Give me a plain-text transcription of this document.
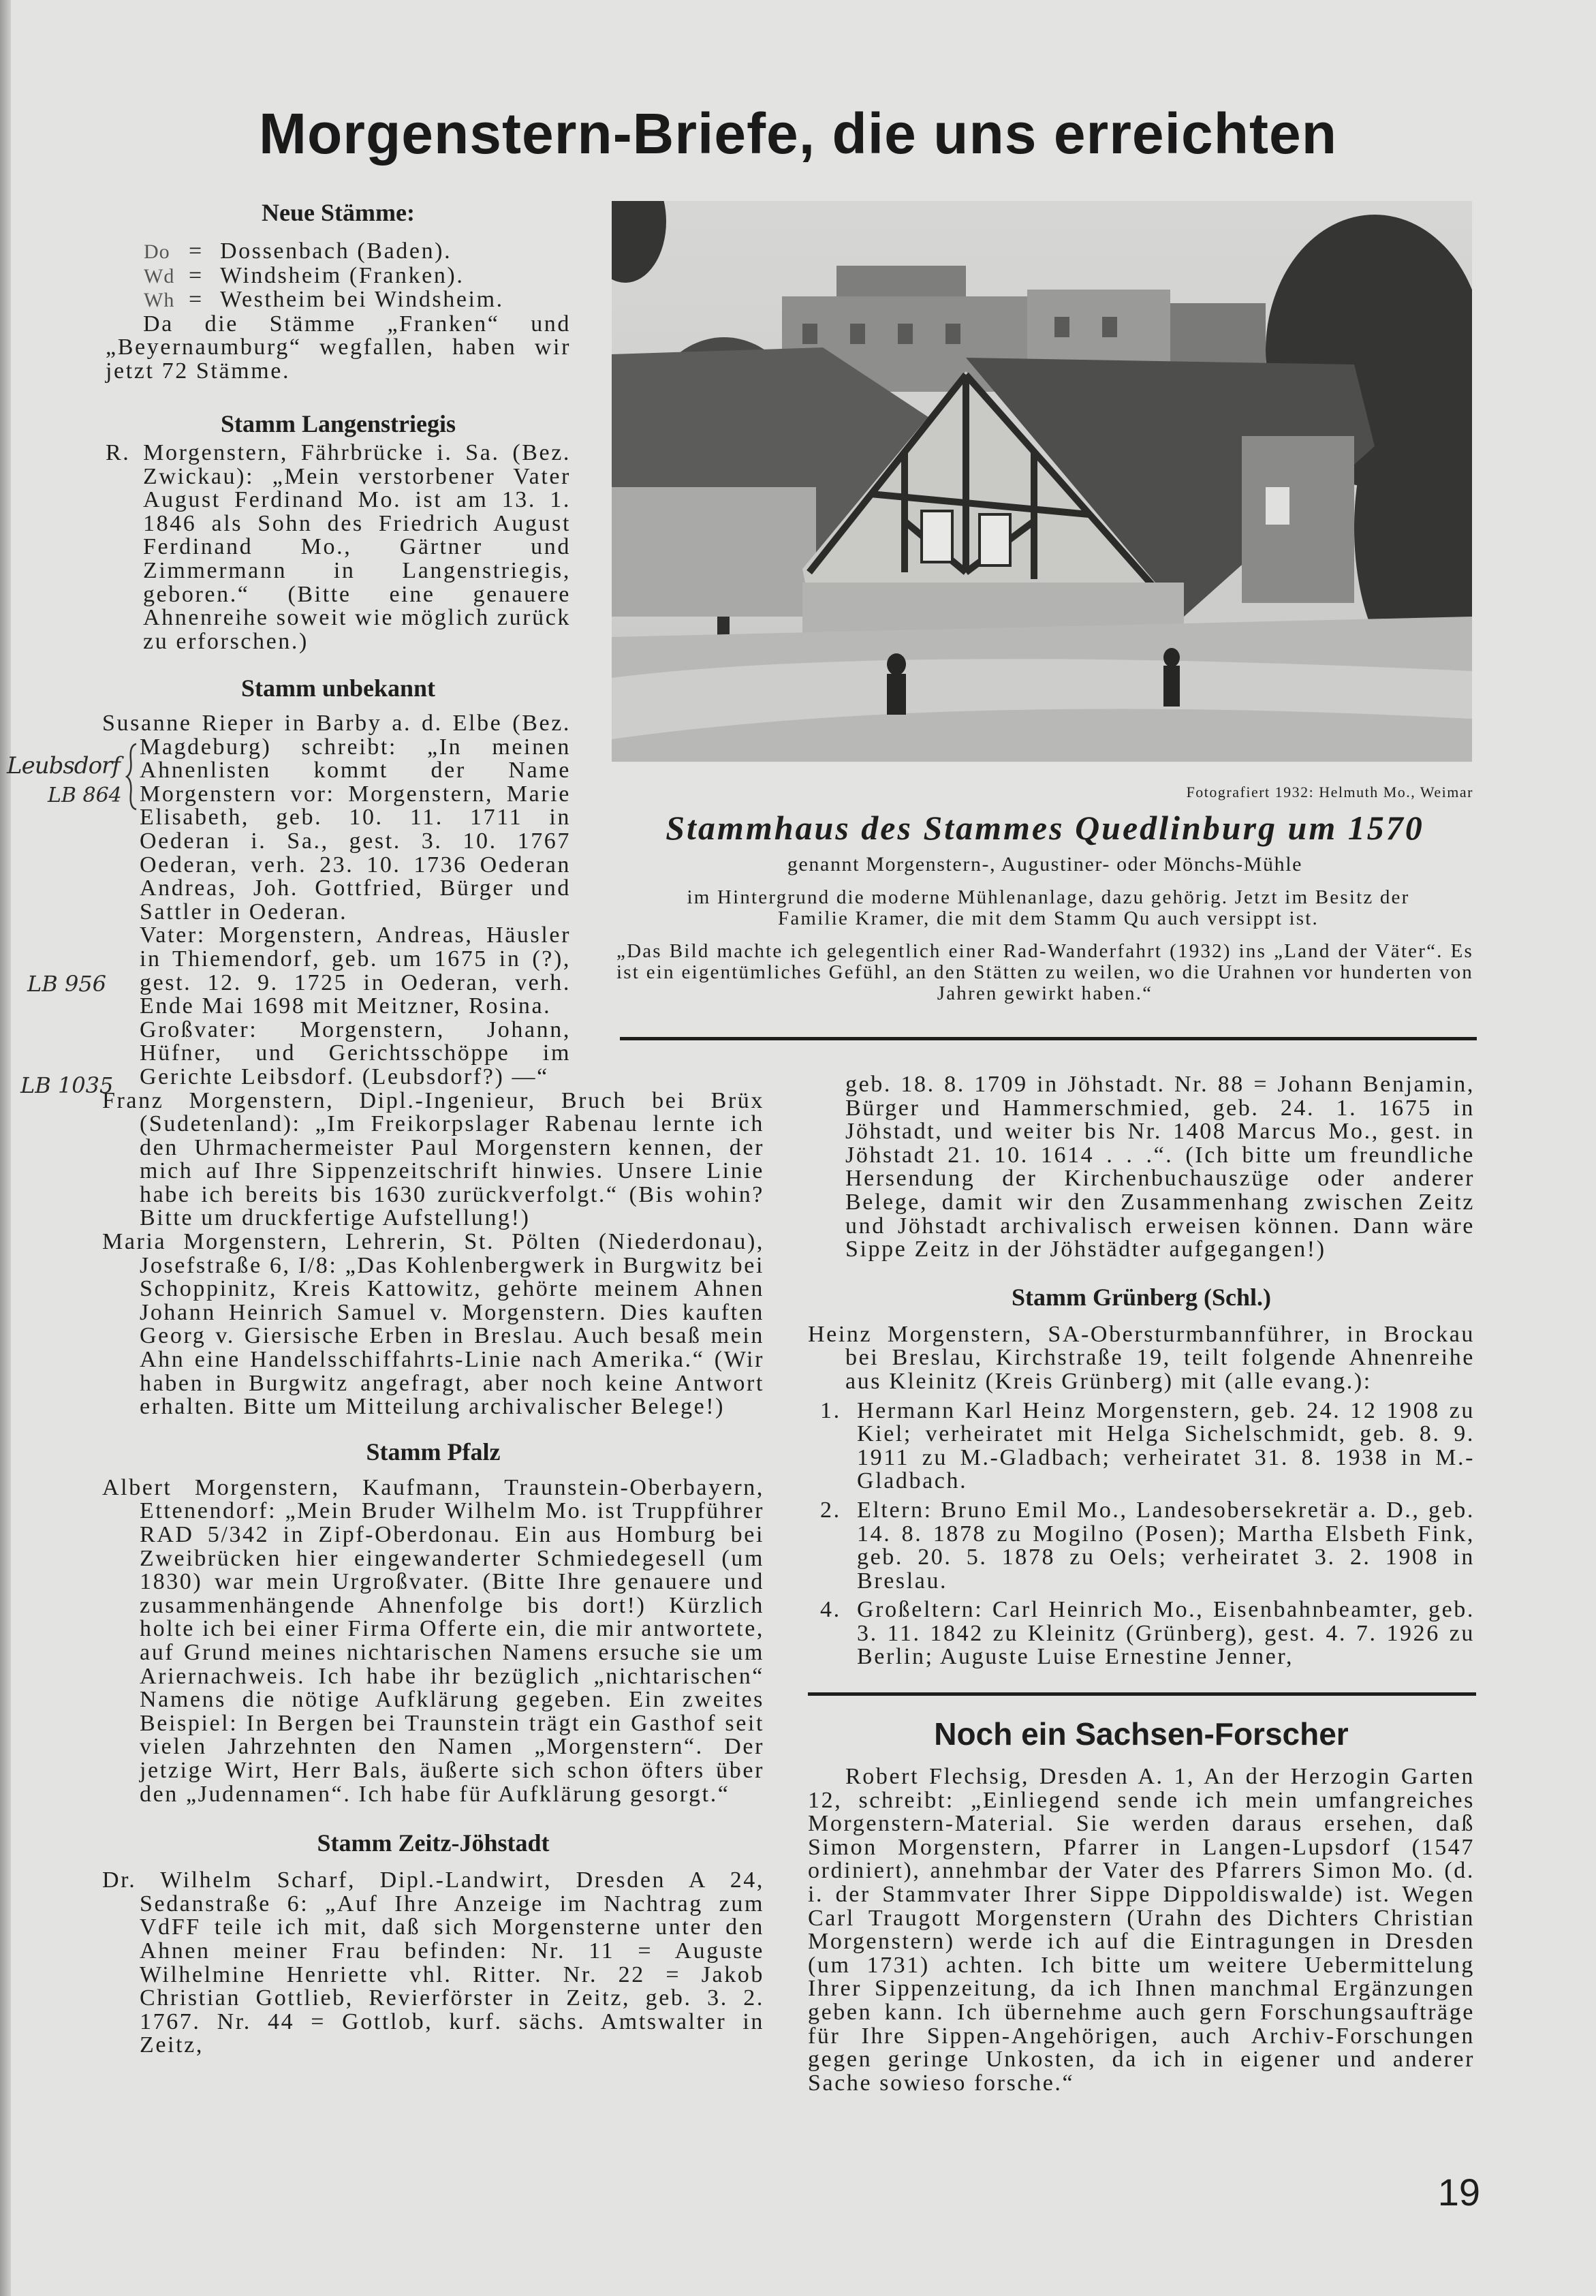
Morgenstern-Briefe, die uns erreichten
Neue Stämme:
Do = Dossenbach (Baden).
Wd = Windsheim (Franken).
Wh = Westheim bei Windsheim.

Da die Stämme „Franken“ und „Beyernaumburg“ wegfallen, haben wir jetzt 72 Stämme.

Stamm Langenstriegis

R. Morgenstern, Fährbrücke i. Sa. (Bez. Zwickau): „Mein verstorbener Vater August Ferdinand Mo. ist am 13. 1. 1846 als Sohn des Friedrich August Ferdinand Mo., Gärtner und Zimmermann in Langenstriegis, geboren.“ (Bitte eine genauere Ahnenreihe soweit wie möglich zurück zu erforschen.)

Stamm unbekannt

Susanne Rieper in Barby a. d. Elbe (Bez. Magdeburg) schreibt: „In meinen Ahnenlisten kommt der Name Morgenstern vor: Morgenstern, Marie Elisabeth, geb. 10. 11. 1711 in Oederan i. Sa., gest. 3. 10. 1767 Oederan, verh. 23. 10. 1736 Oederan Andreas, Joh. Gottfried, Bürger und Sattler in Oederan.

Vater: Morgenstern, Andreas, Häusler in Thiemendorf, geb. um 1675 in (?), gest. 12. 9. 1725 in Oederan, verh. Ende Mai 1698 mit Meitzner, Rosina.

Großvater: Morgenstern, Johann, Hüfner, und Gerichtsschöppe im Gerichte Leibsdorf. (Leubsdorf?) —“

Franz Morgenstern, Dipl.-Ingenieur, Bruch bei Brüx (Sudetenland): „Im Freikorpslager Rabenau lernte ich den Uhrmachermeister Paul Morgenstern kennen, der mich auf Ihre Sippenzeitschrift hinwies. Unsere Linie habe ich bereits bis 1630 zurückverfolgt.“ (Bis wohin? Bitte um druckfertige Aufstellung!)

Maria Morgenstern, Lehrerin, St. Pölten (Niederdonau), Josefstraße 6, I/8: „Das Kohlenbergwerk in Burgwitz bei Schoppinitz, Kreis Kattowitz, gehörte meinem Ahnen Johann Heinrich Samuel v. Morgenstern. Dies kauften Georg v. Giersische Erben in Breslau. Auch besaß mein Ahn eine Handelsschiffahrts-Linie nach Amerika.“ (Wir haben in Burgwitz angefragt, aber noch keine Antwort erhalten. Bitte um Mitteilung archivalischer Belege!)

Stamm Pfalz

Albert Morgenstern, Kaufmann, Traunstein-Oberbayern, Ettenendorf: „Mein Bruder Wilhelm Mo. ist Truppführer RAD 5/342 in Zipf-Oberdonau. Ein aus Homburg bei Zweibrücken hier eingewanderter Schmiedegesell (um 1830) war mein Urgroßvater. (Bitte Ihre genauere und zusammenhängende Ahnenfolge bis dort!) Kürzlich holte ich bei einer Firma Offerte ein, die mir antwortete, auf Grund meines nichtarischen Namens ersuche sie um Ariernachweis. Ich habe ihr bezüglich „nichtarischen“ Namens die nötige Aufklärung gegeben. Ein zweites Beispiel: In Bergen bei Traunstein trägt ein Gasthof seit vielen Jahrzehnten den Namen „Morgenstern“. Der jetzige Wirt, Herr Bals, äußerte sich schon öfters über den „Judennamen“. Ich habe für Aufklärung gesorgt.“

Stamm Zeitz-Jöhstadt

Dr. Wilhelm Scharf, Dipl.-Landwirt, Dresden A 24, Sedanstraße 6: „Auf Ihre Anzeige im Nachtrag zum VdFF teile ich mit, daß sich Morgensterne unter den Ahnen meiner Frau befinden: Nr. 11 = Auguste Wilhelmine Henriette vhl. Ritter. Nr. 22 = Jakob Christian Gottlieb, Revierförster in Zeitz, geb. 3. 2. 1767. Nr. 44 = Gottlob, kurf. sächs. Amtswalter in Zeitz,

Leubsdorf
LB 864
LB 956
LB 1035
Fotografiert 1932: Helmuth Mo., Weimar
Stammhaus des Stammes Quedlinburg um 1570
genannt Morgenstern-, Augustiner- oder Mönchs-Mühle
im Hintergrund die moderne Mühlenanlage, dazu gehörig. Jetzt im Besitz der Familie Kramer, die mit dem Stamm Qu auch versippt ist.
„Das Bild machte ich gelegentlich einer Rad-Wanderfahrt (1932) ins „Land der Väter“. Es ist ein eigentümliches Gefühl, an den Stätten zu weilen, wo die Urahnen vor hunderten von Jahren gewirkt haben.“

geb. 18. 8. 1709 in Jöhstadt. Nr. 88 = Johann Benjamin, Bürger und Hammerschmied, geb. 24. 1. 1675 in Jöhstadt, und weiter bis Nr. 1408 Marcus Mo., gest. in Jöhstadt 21. 10. 1614 . . .“. (Ich bitte um freundliche Hersendung der Kirchenbuchauszüge oder anderer Belege, damit wir den Zusammenhang zwischen Zeitz und Jöhstadt archivalisch erweisen können. Dann wäre Sippe Zeitz in der Jöhstädter aufgegangen!)

Stamm Grünberg (Schl.)

Heinz Morgenstern, SA-Obersturmbannführer, in Brockau bei Breslau, Kirchstraße 19, teilt folgende Ahnenreihe aus Kleinitz (Kreis Grünberg) mit (alle evang.):

1. Hermann Karl Heinz Morgenstern, geb. 24. 12 1908 zu Kiel; verheiratet mit Helga Sichelschmidt, geb. 8. 9. 1911 zu M.-Gladbach; verheiratet 31. 8. 1938 in M.-Gladbach.
2. Eltern: Bruno Emil Mo., Landesobersekretär a. D., geb. 14. 8. 1878 zu Mogilno (Posen); Martha Elsbeth Fink, geb. 20. 5. 1878 zu Oels; verheiratet 3. 2. 1908 in Breslau.
4. Großeltern: Carl Heinrich Mo., Eisenbahnbeamter, geb. 3. 11. 1842 zu Kleinitz (Grünberg), gest. 4. 7. 1926 zu Berlin; Auguste Luise Ernestine Jenner,
Noch ein Sachsen-Forscher

Robert Flechsig, Dresden A. 1, An der Herzogin Garten 12, schreibt: „Einliegend sende ich mein umfangreiches Morgenstern-Material. Sie werden daraus ersehen, daß Simon Morgenstern, Pfarrer in Langen-Lupsdorf (1547 ordiniert), annehmbar der Vater des Pfarrers Simon Mo. (d. i. der Stammvater Ihrer Sippe Dippoldiswalde) ist. Wegen Carl Traugott Morgenstern (Urahn des Dichters Christian Morgenstern) werde ich auf die Eintragungen in Dresden (um 1731) achten. Ich bitte um weitere Uebermittelung Ihrer Sippenzeitung, da ich Ihnen manchmal Ergänzungen geben kann. Ich übernehme auch gern Forschungsaufträge für Ihre Sippen-Angehörigen, auch Archiv-Forschungen gegen geringe Unkosten, da ich in eigener und anderer Sache sowieso forsche.“

19
